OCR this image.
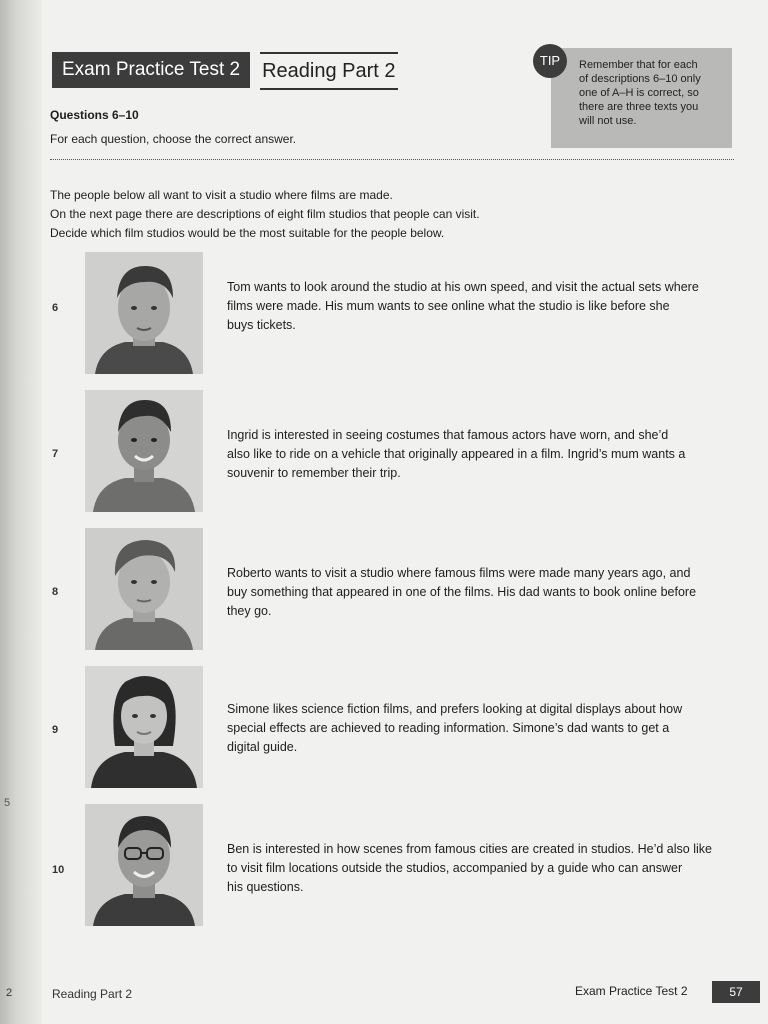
5
Exam Practice Test 2	Reading Part 2	TIP	Remember that for each
of descriptions 6–10 only
one of A–H is correct, so
there are three texts you
will not use.
Questions 6–10
For each question, choose the correct answer.
The people below all want to visit a studio where films are made.
On the next page there are descriptions of eight film studios that people can visit.
Decide which film studios would be the most suitable for the people below.
6
Tom wants to look around the studio at his own speed, and visit the actual sets where
films were made. His mum wants to see online what the studio is like before she
buys tickets.
7
Ingrid is interested in seeing costumes that famous actors have worn, and she’d
also like to ride on a vehicle that originally appeared in a film. Ingrid’s mum wants a
souvenir to remember their trip.
8
Roberto wants to visit a studio where famous films were made many years ago, and
buy something that appeared in one of the films. His dad wants to book online before
they go.
9
Simone likes science fiction films, and prefers looking at digital displays about how
special effects are achieved to reading information. Simone’s dad wants to get a
digital guide.
10
Ben is interested in how scenes from famous cities are created in studios. He’d also like
to visit film locations outside the studios, accompanied by a guide who can answer
his questions.
2	Reading Part 2	Exam Practice Test 2	57
